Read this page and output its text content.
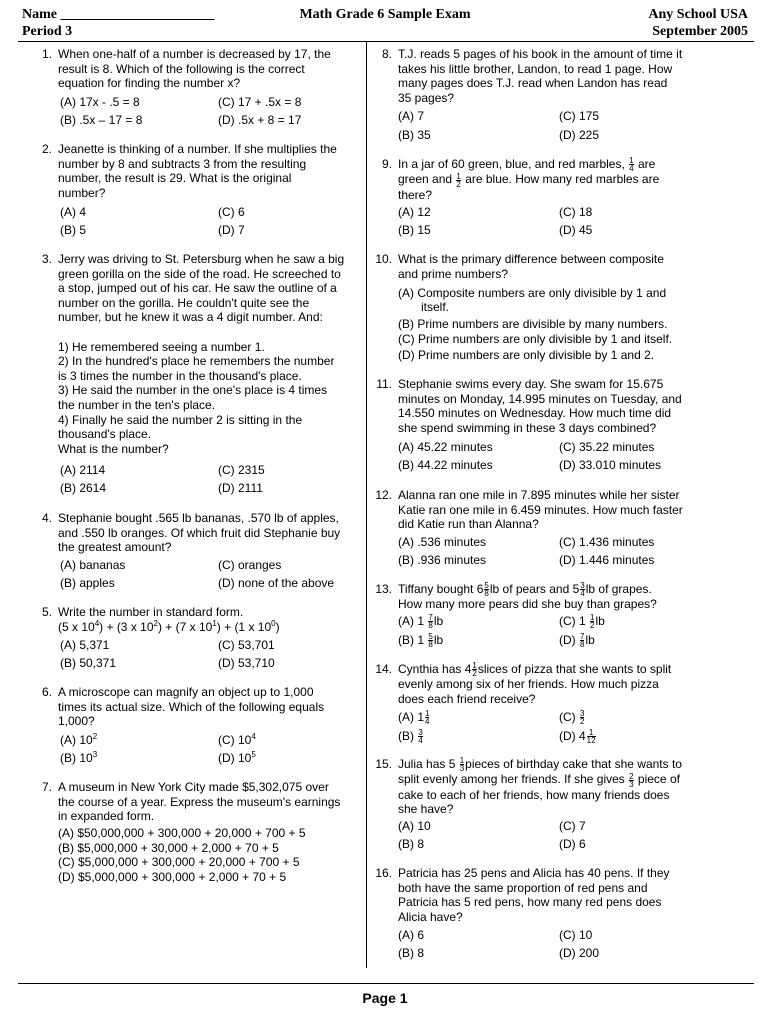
Name ______________________
Period 3
Math Grade 6 Sample Exam	Any School USA
September 2005
Page 1
1. When one-half of a number is decreased by 17, the
result is 8. Which of the following is the correct
equation for finding the number x?
(A) 17x - .5 = 8	(C) 17 + .5x = 8
(B) .5x – 17 = 8	(D) .5x + 8 = 17
2. Jeanette is thinking of a number. If she multiplies the
number by 8 and subtracts 3 from the resulting
number, the result is 29. What is the original
number?
(A) 4	(C) 6
(B) 5	(D) 7
3. Jerry was driving to St. Petersburg when he saw a big
green gorilla on the side of the road. He screeched to
a stop, jumped out of his car. He saw the outline of a
number on the gorilla. He couldn't quite see the
number, but he knew it was a 4 digit number. And:
1) He remembered seeing a number 1.
2) In the hundred's place he remembers the number
is 3 times the number in the thousand's place.
3) He said the number in the one's place is 4 times
the number in the ten's place.
4) Finally he said the number 2 is sitting in the
thousand's place.
What is the number?
(A) 2114	(C) 2315
(B) 2614	(D) 2111
4. Stephanie bought .565 lb bananas, .570 lb of apples,
and .550 lb oranges. Of which fruit did Stephanie buy
the greatest amount?
(A) bananas	(C) oranges
(B) apples	(D) none of the above
5. Write the number in standard form.
(5 x $10^4) + (3$ x $10^2) + (7$ x $10^1) + (1$ x $10^0$)
(A) 5,371	(C) 53,701
(B) 50,371	(D) 53,710
6. A microscope can magnify an object up to 1,000
times its actual size. Which of the following equals
1,000?
(A) $10^2$	(C) $10^4$
(B) $10^3$	(D) $10^5$
7. A museum in New York City made $5,302,075 over
the course of a year. Express the museum's earnings
in expanded form.
(A) $50,000,000 + 300,000 + 20,000 + 700 + 5
(B) $5,000,000 + 30,000 + 2,000 + 70 + 5
(C) $5,000,000 + 300,000 + 20,000 + 700 + 5
(D) $5,000,000 + 300,000 + 2,000 + 70 + 5
8. T.J. reads 5 pages of his book in the amount of time it
takes his little brother, Landon, to read 1 page. How
many pages does T.J. read when Landon has read
35 pages?
(A) 7	(C) 175
(B) 35	(D) 225
9. In a jar of 60 green, blue, and red marbles, $\frac{1}{4}$ are
green and $\frac{1}{2}$ are blue. How many red marbles are
there?
(A) 12	(C) 18
(B) 15	(D) 45
10. What is the primary difference between composite
and prime numbers?
(A) Composite numbers are only divisible by 1 and
itself.
(B) Prime numbers are divisible by many numbers.
(C) Prime numbers are only divisible by 1 and itself.
(D) Prime numbers are only divisible by 1 and 2.
11. Stephanie swims every day. She swam for 15.675
minutes on Monday, 14.995 minutes on Tuesday, and
14.550 minutes on Wednesday. How much time did
she spend swimming in these 3 days combined?
(A) 45.22 minutes	(C) 35.22 minutes
(B) 44.22 minutes	(D) 33.010 minutes
12. Alanna ran one mile in 7.895 minutes while her sister
Katie ran one mile in 6.459 minutes. How much faster
did Katie run than Alanna?
(A) .536 minutes	(C) 1.436 minutes
(B) .936 minutes	(D) 1.446 minutes
13. Tiffany bought $6 \frac{5}{8}$ lb of pears and $5 \frac{3}{4}$ lb of grapes.
How many more pears did she buy than grapes?
(A) $1 \frac{7}{8}$ lb	(C) $1 \frac{1}{2}$ lb
(B) $1 \frac{5}{8}$ lb	$(D) \frac{7}{8}$ lb
14. Cynthia has $4 \frac{1}{2}$ slices of pizza that she wants to split
evenly among six of her friends. How much pizza
does each friend receive?
(A) $1 \frac{1}{4}$	$(C) \frac{3}{2}$
$(B) \frac{3}{4}$	(D) $4 \frac{1}{12}$
15. Julia has $5 \frac{1}{3}$ pieces of birthday cake that she wants to
split evenly among her friends. If she gives $\frac{2}{3}$ piece of
cake to each of her friends, how many friends does
she have?
(A) 10	(C) 7
(B) 8	(D) 6
16. Patricia has 25 pens and Alicia has 40 pens. If they
both have the same proportion of red pens and
Patricia has 5 red pens, how many red pens does
Alicia have?
(A) 6	(C) 10
(B) 8	(D) 200
